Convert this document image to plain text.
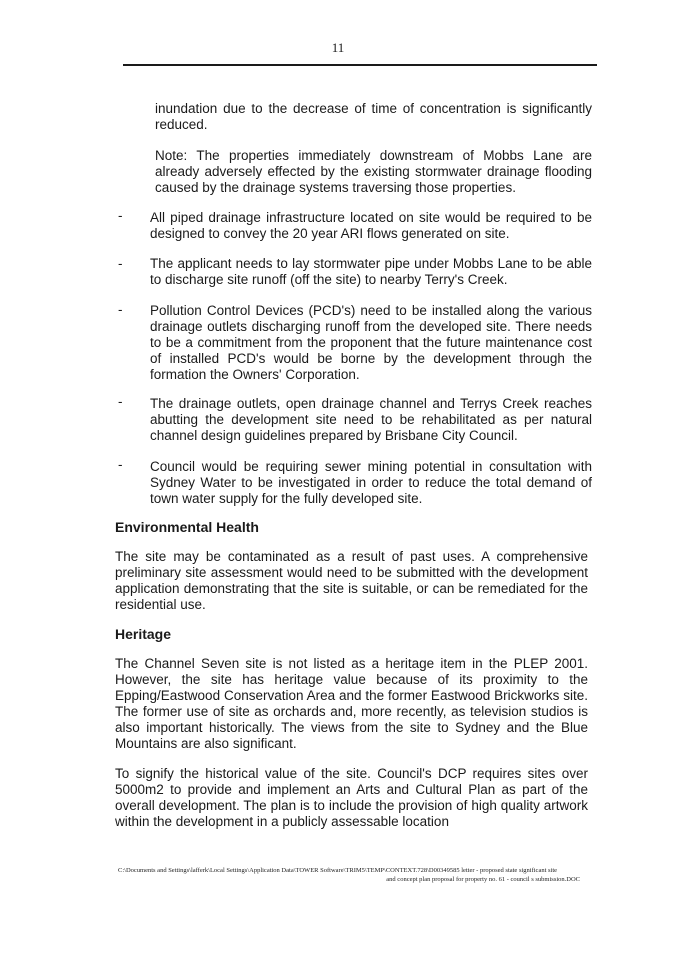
11
inundation due to the decrease of time of concentration is significantly reduced.
Note: The properties immediately downstream of Mobbs Lane are already adversely effected by the existing stormwater drainage flooding caused by the drainage systems traversing those properties.
- All piped drainage infrastructure located on site would be required to be designed to convey the 20 year ARI flows generated on site.
- The applicant needs to lay stormwater pipe under Mobbs Lane to be able to discharge site runoff (off the site) to nearby Terry's Creek.
- Pollution Control Devices (PCD's) need to be installed along the various drainage outlets discharging runoff from the developed site. There needs to be a commitment from the proponent that the future maintenance cost of installed PCD's would be borne by the development through the formation the Owners' Corporation.
- The drainage outlets, open drainage channel and Terrys Creek reaches abutting the development site need to be rehabilitated as per natural channel design guidelines prepared by Brisbane City Council.
- Council would be requiring sewer mining potential in consultation with Sydney Water to be investigated in order to reduce the total demand of town water supply for the fully developed site.
Environmental Health
The site may be contaminated as a result of past uses. A comprehensive preliminary site assessment would need to be submitted with the development application demonstrating that the site is suitable, or can be remediated for the residential use.
Heritage
The Channel Seven site is not listed as a heritage item in the PLEP 2001. However, the site has heritage value because of its proximity to the Epping/Eastwood Conservation Area and the former Eastwood Brickworks site. The former use of site as orchards and, more recently, as television studios is also important historically. The views from the site to Sydney and the Blue Mountains are also significant.
To signify the historical value of the site. Council's DCP requires sites over 5000m2 to provide and implement an Arts and Cultural Plan as part of the overall development. The plan is to include the provision of high quality artwork within the development in a publicly assessable location
C:\Documents and Settings\lafferk\Local Settings\Application Data\TOWER Software\TRIM5\TEMP\CONTEXT.728\D00349585 letter - proposed state significant site
and concept plan proposal for property no. 61 - council s submission.DOC
